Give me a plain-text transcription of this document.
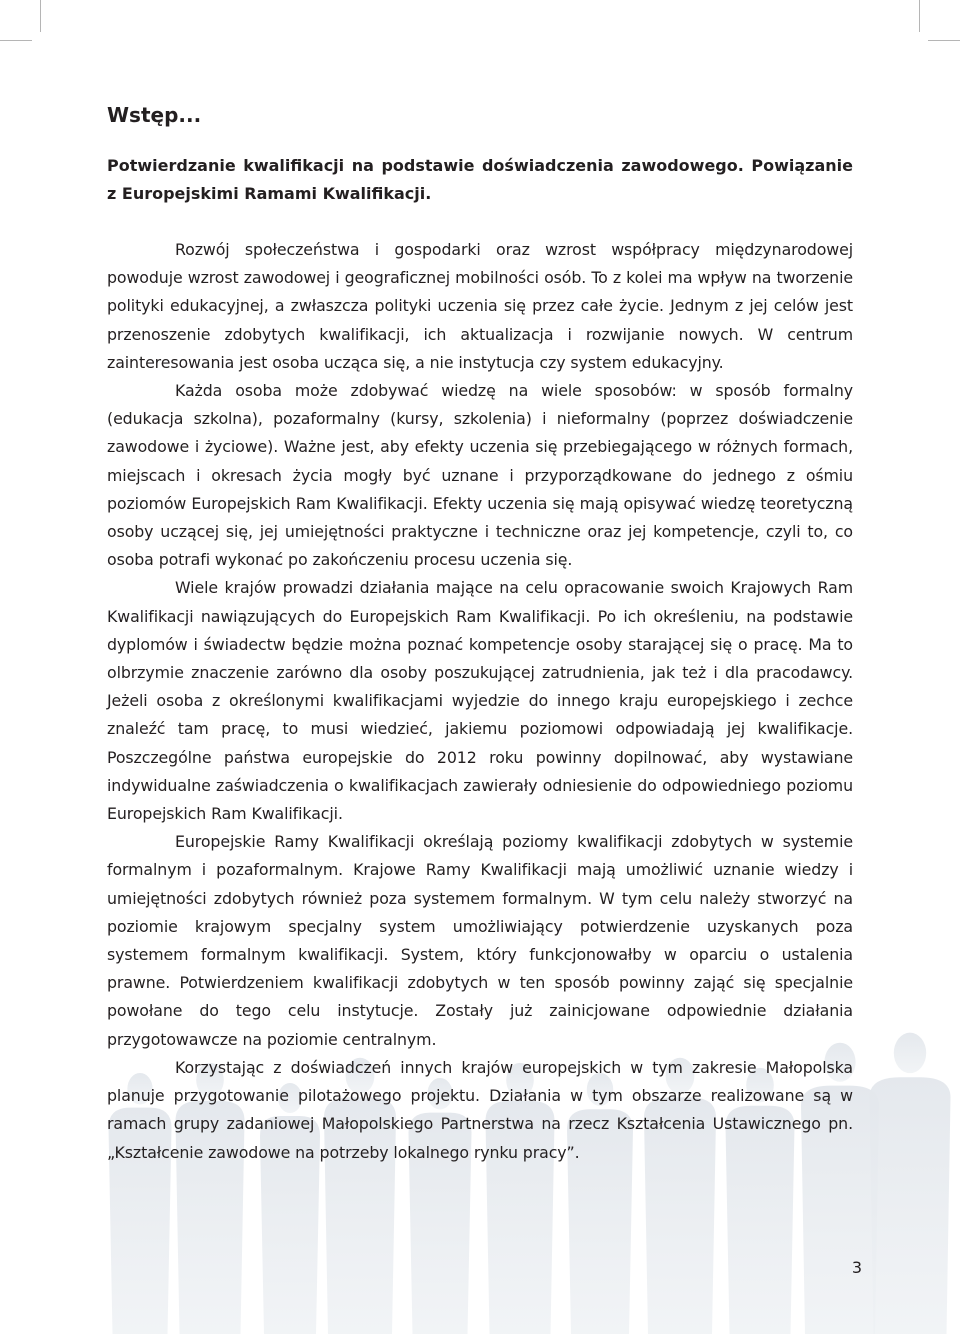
Wstęp...
Potwierdzanie kwalifikacji na podstawie doświadczenia zawodowego. Powiązanie z Europejskimi Ramami Kwalifikacji.

Rozwój społeczeństwa i gospodarki oraz wzrost współpracy międzynarodowej powoduje wzrost zawodowej i geograficznej mobilności osób. To z kolei ma wpływ na tworzenie polityki edukacyjnej, a zwłaszcza polityki uczenia się przez całe życie. Jednym z jej celów jest przenoszenie zdobytych kwalifikacji, ich aktualizacja i rozwijanie nowych. W centrum zainteresowania jest osoba ucząca się, a nie instytucja czy system edukacyjny.

Każda osoba może zdobywać wiedzę na wiele sposobów: w sposób formalny (edukacja szkolna), pozaformalny (kursy, szkolenia) i nieformalny (poprzez doświadczenie zawodowe i życiowe). Ważne jest, aby efekty uczenia się przebiegającego w różnych formach, miejscach i okresach życia mogły być uznane i przyporządkowane do jednego z ośmiu poziomów Europejskich Ram Kwalifikacji. Efekty uczenia się mają opisywać wiedzę teoretyczną osoby uczącej się, jej umiejętności praktyczne i techniczne oraz jej kompetencje, czyli to, co osoba potrafi wykonać po zakończeniu procesu uczenia się.

Wiele krajów prowadzi działania mające na celu opracowanie swoich Krajowych Ram Kwalifikacji nawiązujących do Europejskich Ram Kwalifikacji. Po ich określeniu, na podstawie dyplomów i świadectw będzie można poznać kompetencje osoby starającej się o pracę. Ma to olbrzymie znaczenie zarówno dla osoby poszukującej zatrudnienia, jak też i dla pracodawcy. Jeżeli osoba z określonymi kwalifikacjami wyjedzie do innego kraju europejskiego i zechce znaleźć tam pracę, to musi wiedzieć, jakiemu poziomowi odpowiadają jej kwalifikacje. Poszczególne państwa europejskie do 2012 roku powinny dopilnować, aby wystawiane indywidualne zaświadczenia o kwalifikacjach zawierały odniesienie do odpowiedniego poziomu Europejskich Ram Kwalifikacji.

Europejskie Ramy Kwalifikacji określają poziomy kwalifikacji zdobytych w systemie formalnym i pozaformalnym. Krajowe Ramy Kwalifikacji mają umożliwić uznanie wiedzy i umiejętności zdobytych również poza systemem formalnym. W tym celu należy stworzyć na poziomie krajowym specjalny system umożliwiający potwierdzenie uzyskanych poza systemem formalnym kwalifikacji. System, który funkcjonowałby w oparciu o ustalenia prawne. Potwierdzeniem kwalifikacji zdobytych w ten sposób powinny zająć się specjalnie powołane do tego celu instytucje. Zostały już zainicjowane odpowiednie działania przygotowawcze na poziomie centralnym.

Korzystając z doświadczeń innych krajów europejskich w tym zakresie Małopolska planuje przygotowanie pilotażowego projektu. Działania w tym obszarze realizowane są w ramach grupy zadaniowej Małopolskiego Partnerstwa na rzecz Kształcenia Ustawicznego pn. „Kształcenie zawodowe na potrzeby lokalnego rynku pracy”.

3
